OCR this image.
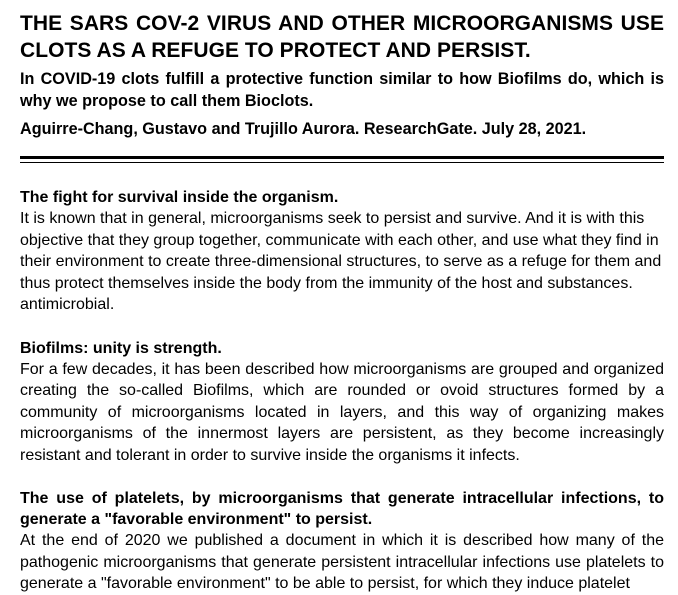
THE SARS COV-2 VIRUS AND OTHER MICROORGANISMS USE CLOTS AS A REFUGE TO PROTECT AND PERSIST.

In COVID-19 clots fulfill a protective function similar to how Biofilms do, which is why we propose to call them Bioclots.

Aguirre-Chang, Gustavo and Trujillo Aurora. ResearchGate. July 28, 2021.

The fight for survival inside the organism.

It is known that in general, microorganisms seek to persist and survive. And it is with this objective that they group together, communicate with each other, and use what they find in their environment to create three-dimensional structures, to serve as a refuge for them and thus protect themselves inside the body from the immunity of the host and substances. antimicrobial.

Biofilms: unity is strength.

For a few decades, it has been described how microorganisms are grouped and organized creating the so-called Biofilms, which are rounded or ovoid structures formed by a community of microorganisms located in layers, and this way of organizing makes microorganisms of the innermost layers are persistent, as they become increasingly resistant and tolerant in order to survive inside the organisms it infects.

The use of platelets, by microorganisms that generate intracellular infections, to generate a "favorable environment" to persist.

At the end of 2020 we published a document in which it is described how many of the pathogenic microorganisms that generate persistent intracellular infections use platelets to generate a "favorable environment" to be able to persist, for which they induce platelet
